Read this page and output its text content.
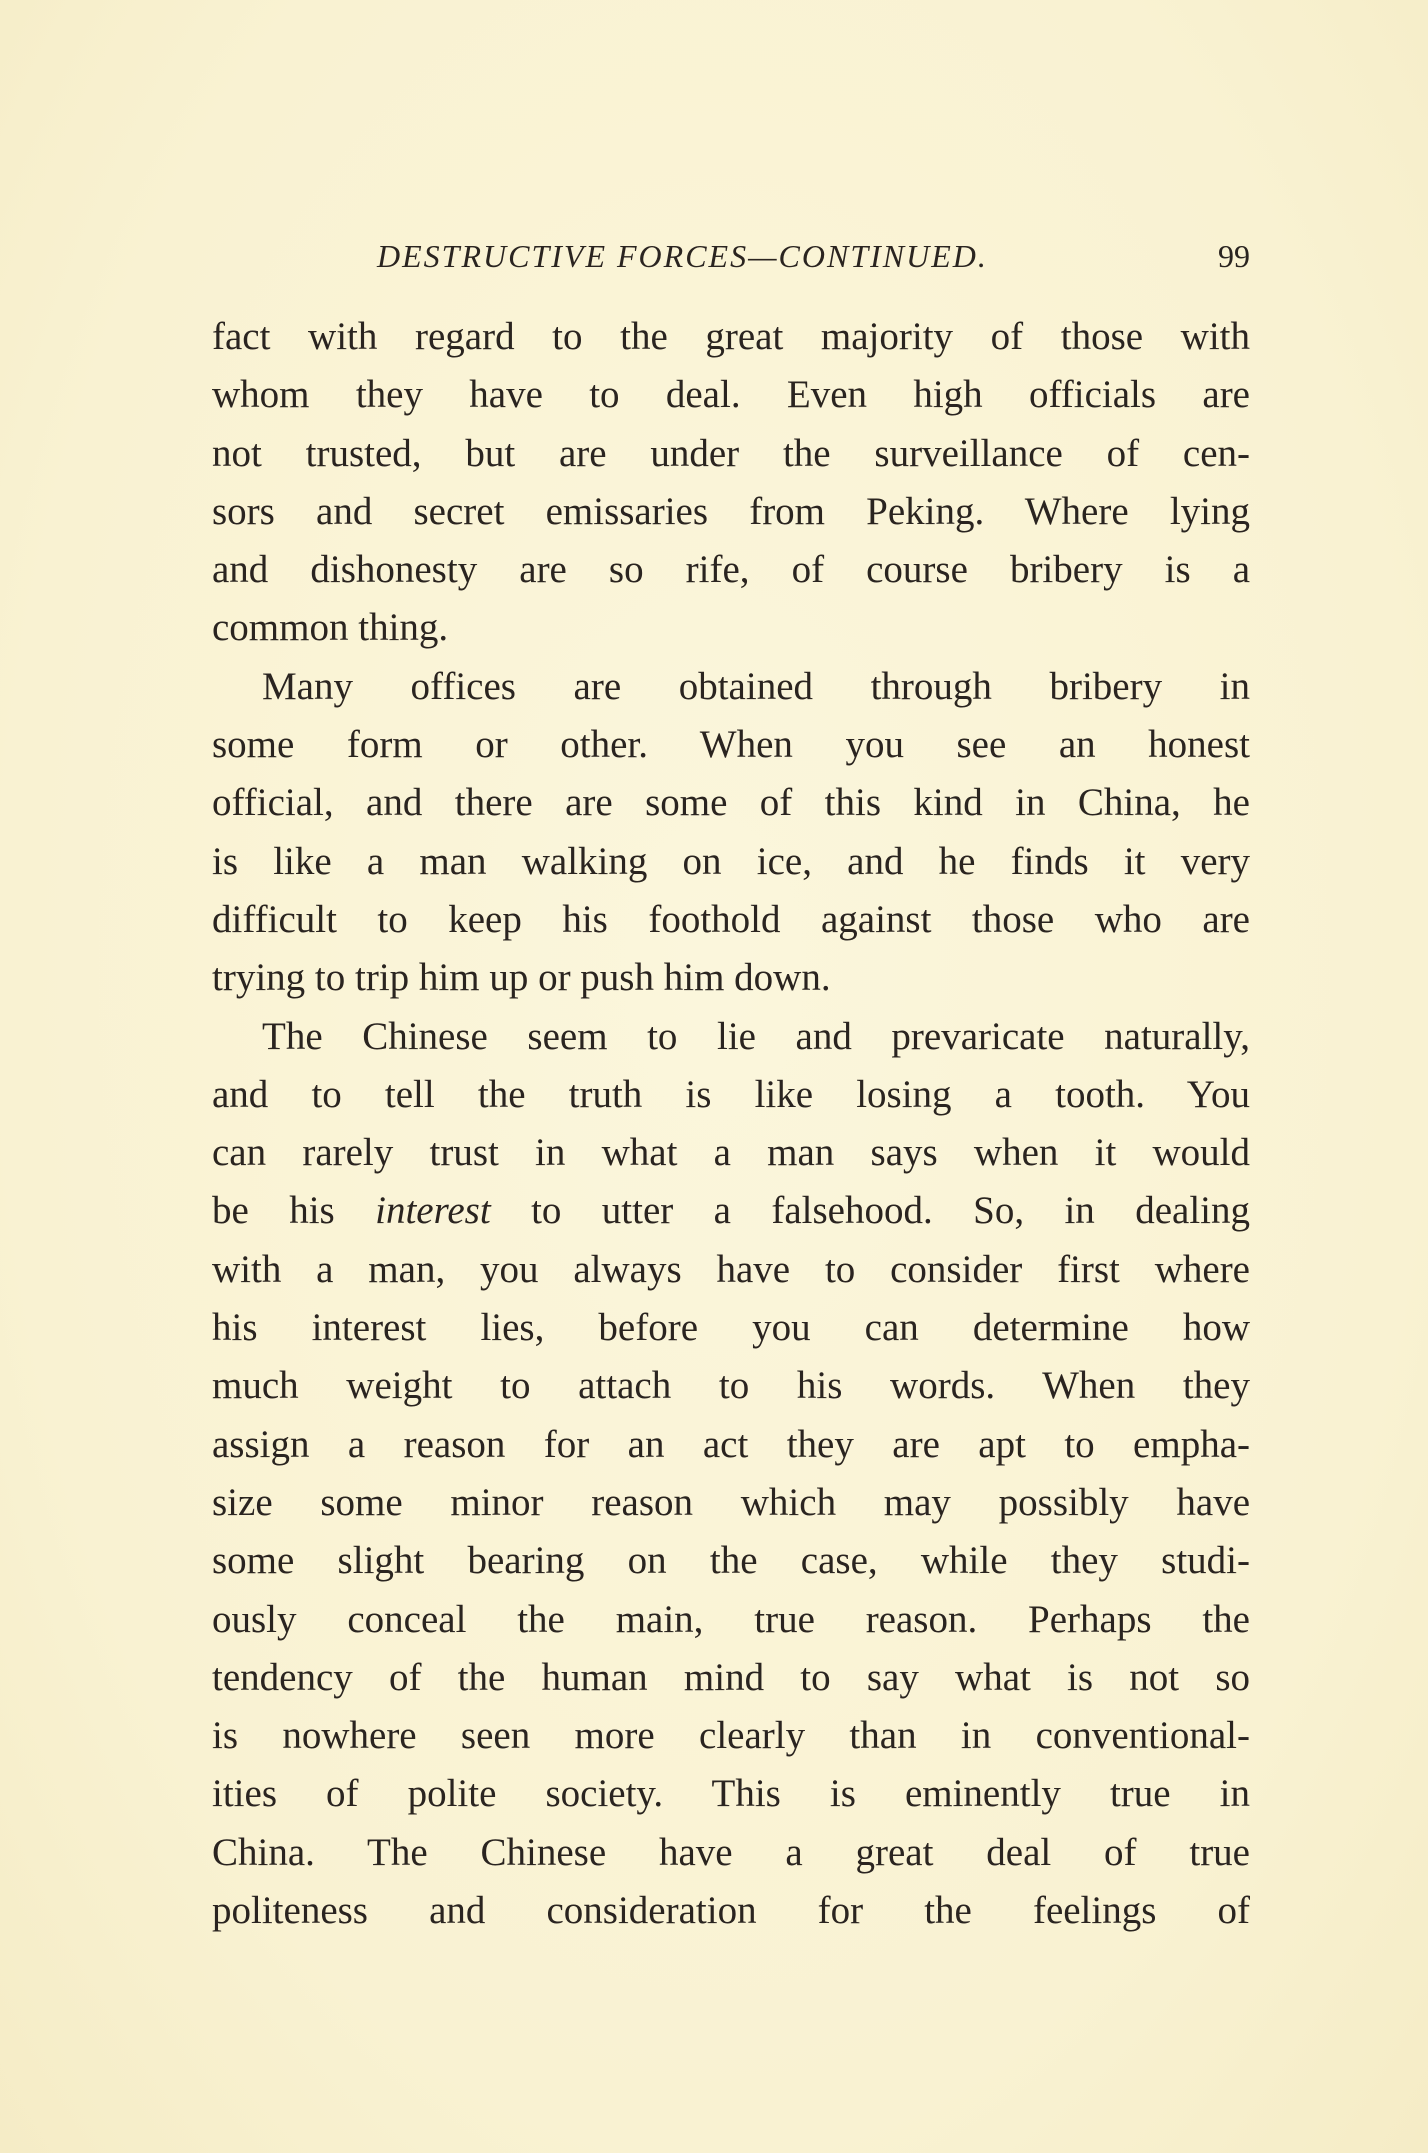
DESTRUCTIVE FORCES—CONTINUED.	99
fact with regard to the great majority of those with
whom they have to deal. Even high officials are
not trusted, but are under the surveillance of cen-
sors and secret emissaries from Peking. Where lying
and dishonesty are so rife, of course bribery is a
common thing.
Many offices are obtained through bribery in
some form or other. When you see an honest
official, and there are some of this kind in China, he
is like a man walking on ice, and he finds it very
difficult to keep his foothold against those who are
trying to trip him up or push him down.
The Chinese seem to lie and prevaricate naturally,
and to tell the truth is like losing a tooth. You
can rarely trust in what a man says when it would
be his interest to utter a falsehood. So, in dealing
with a man, you always have to consider first where
his interest lies, before you can determine how
much weight to attach to his words. When they
assign a reason for an act they are apt to empha-
size some minor reason which may possibly have
some slight bearing on the case, while they studi-
ously conceal the main, true reason. Perhaps the
tendency of the human mind to say what is not so
is nowhere seen more clearly than in conventional-
ities of polite society. This is eminently true in
China. The Chinese have a great deal of true
politeness and consideration for the feelings of
